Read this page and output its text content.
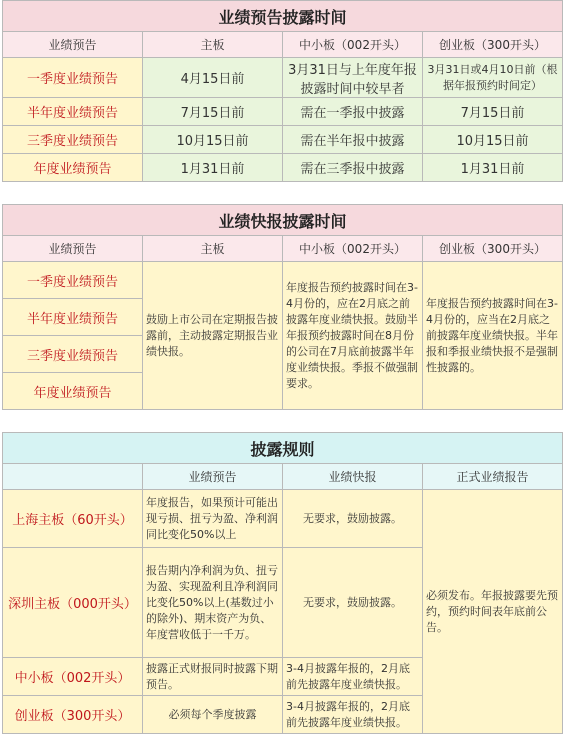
业绩预告披露时间			
业绩预告	主板	中小板（002开头）	创业板（300开头）
一季度业绩预告	4月15日前	3月31日与上年度年报披露时间中较早者	3月31日或4月10日前（根据年报预约时间定）
半年度业绩预告	7月15日前	需在一季报中披露	7月15日前
三季度业绩预告	10月15日前	需在半年报中披露	10月15日前
年度业绩预告	1月31日前	需在三季报中披露	1月31日前
业绩快报披露时间			
业绩预告	主板	中小板（002开头）	创业板（300开头）
一季度业绩预告	鼓励上市公司在定期报告披露前，主动披露定期报告业绩快报。	年度报告预约披露时间在3-4月份的，应在2月底之前披露年度业绩快报。鼓励半年报预约披露时间在8月份的公司在7月底前披露半年度业绩快报。季报不做强制要求。	年度报告预约披露时间在3-4月份的，应当在2月底之前披露年度业绩快报。半年报和季报业绩快报不是强制性披露的。
半年度业绩预告			
三季度业绩预告			
年度业绩预告			
披露规则			
	业绩预告	业绩快报	正式业绩报告
上海主板（60开头）	年度报告，如果预计可能出现亏损、扭亏为盈、净利润同比变化50%以上	无要求，鼓励披露。	必须发布。年报披露要先预约，预约时间表年底前公告。
深圳主板（000开头）	报告期内净利润为负、扭亏为盈、实现盈利且净利润同比变化50%以上(基数过小的除外)、期末资产为负、年度营收低于一千万。	无要求，鼓励披露。	
中小板（002开头）	披露正式财报同时披露下期预告。	3-4月披露年报的，2月底前先披露年度业绩快报。	
创业板（300开头）	必须每个季度披露	3-4月披露年报的，2月底前先披露年度业绩快报。	
